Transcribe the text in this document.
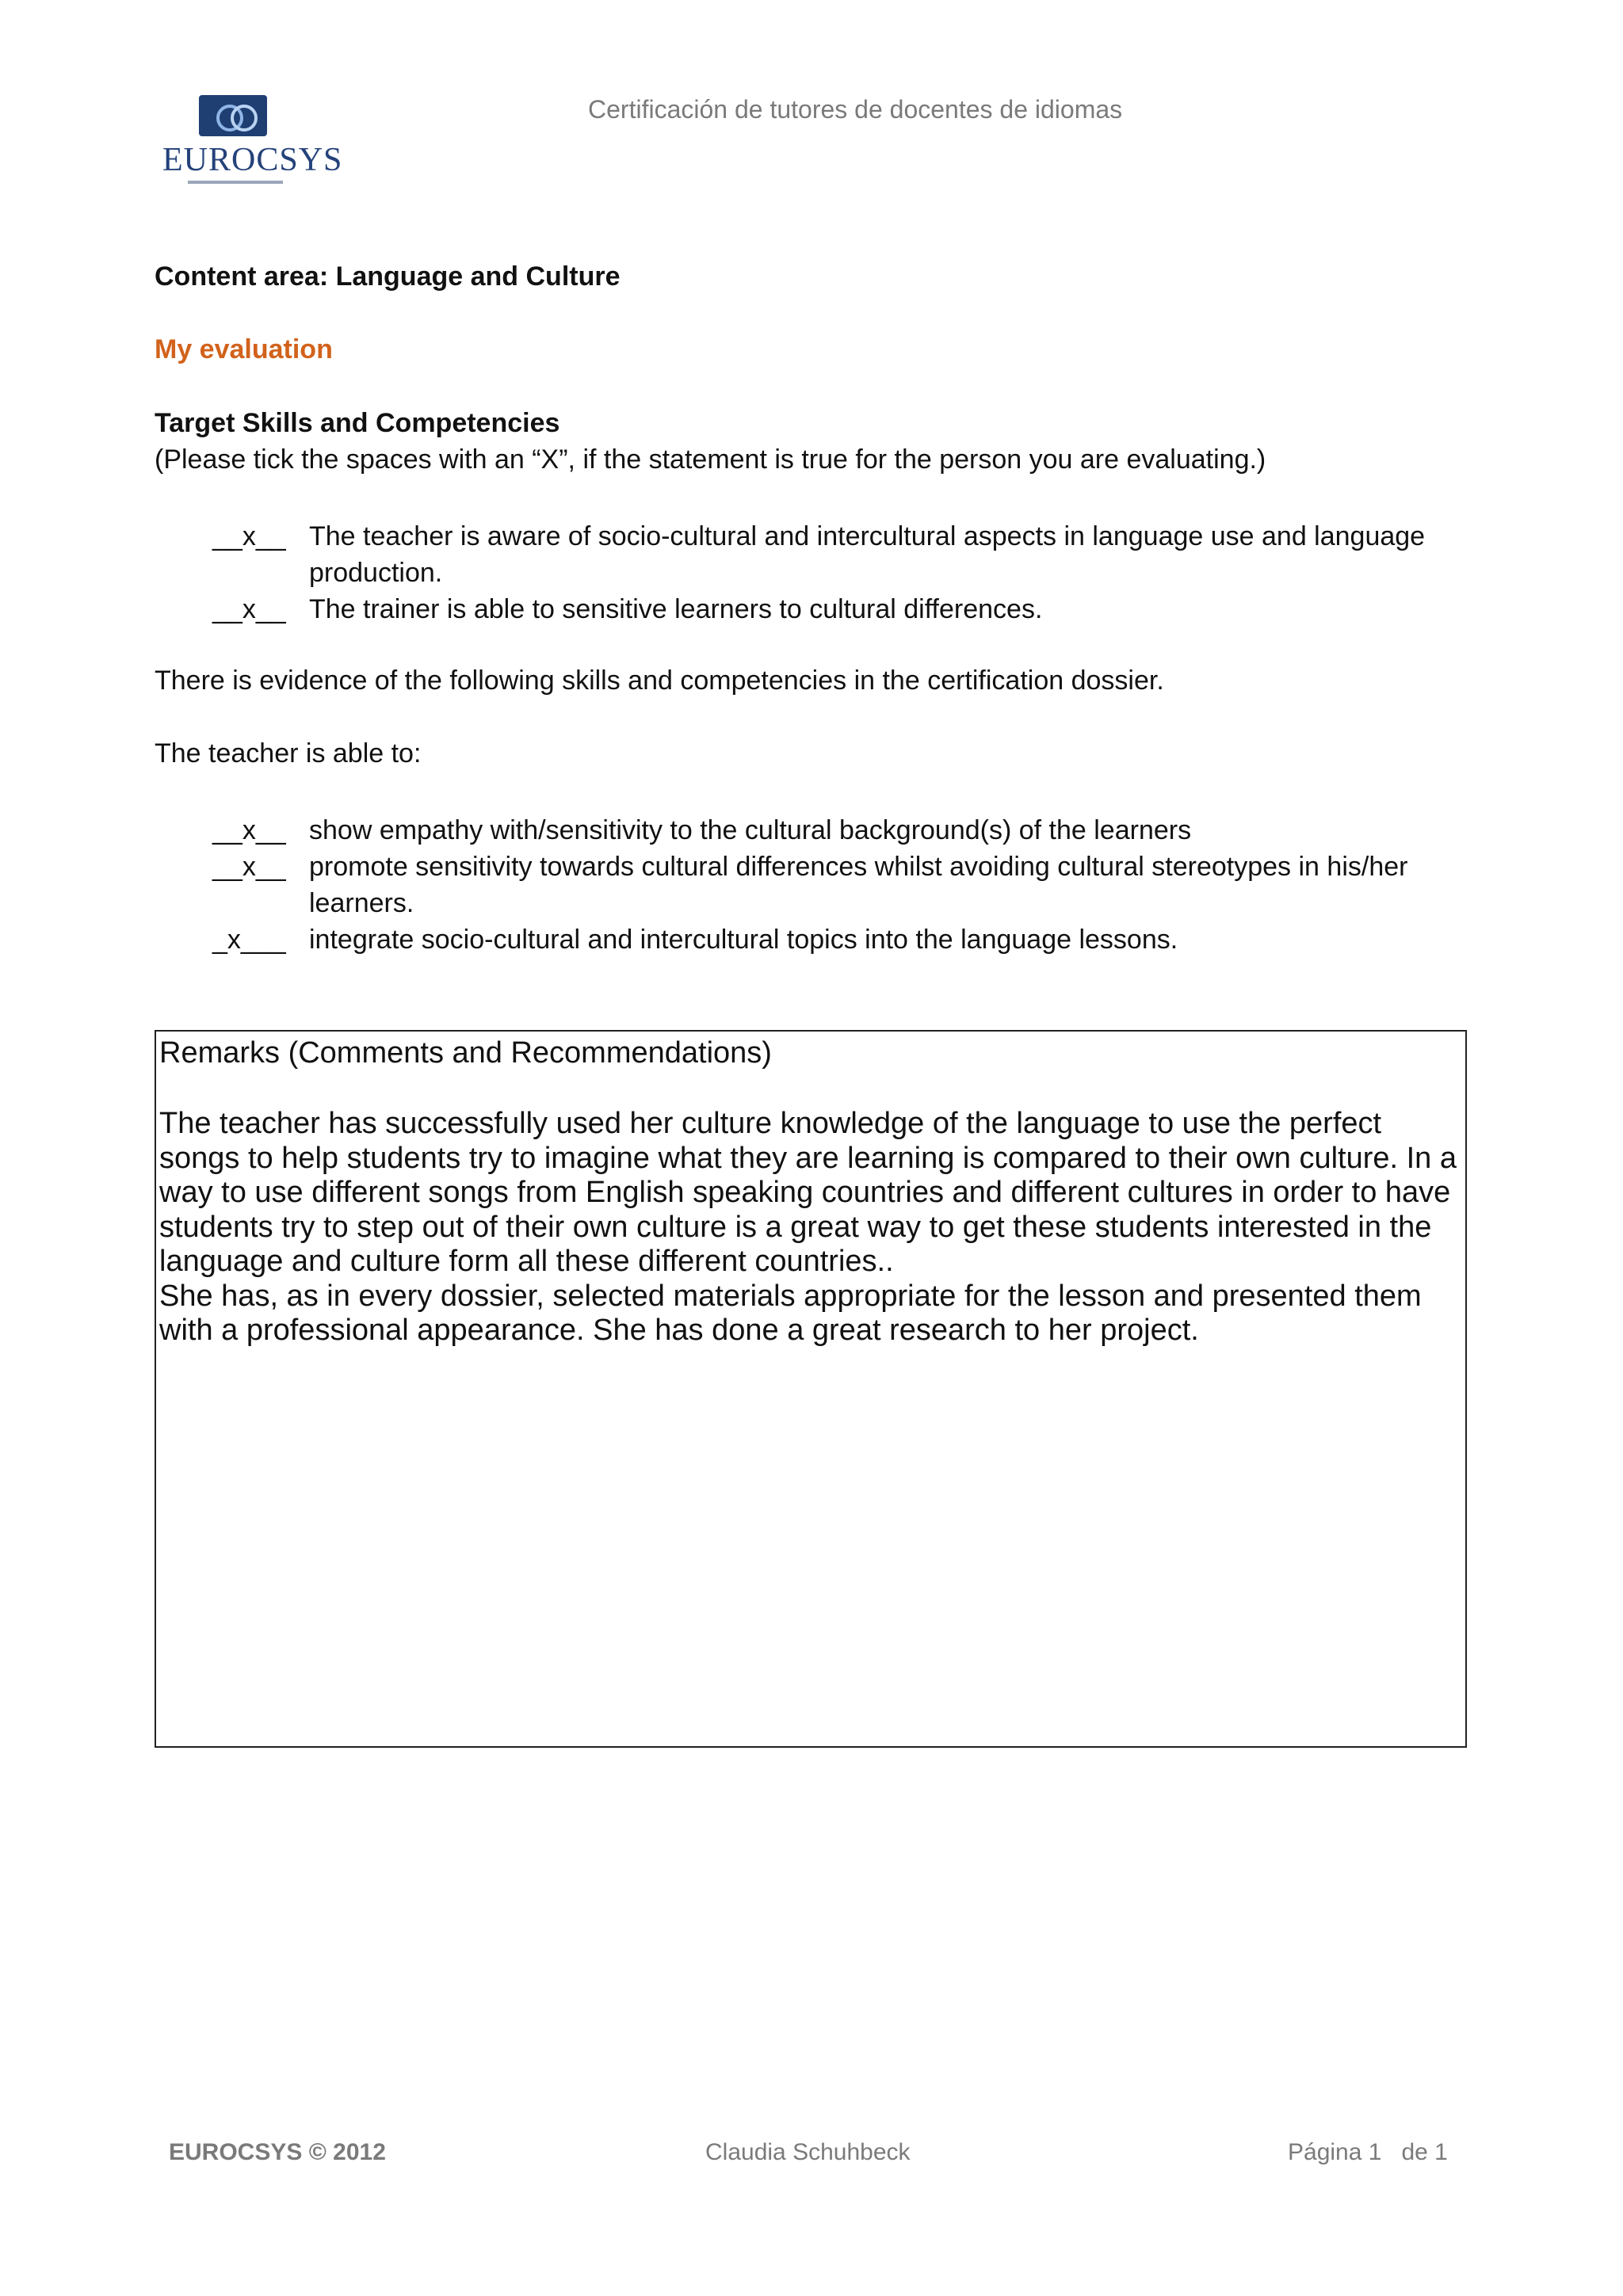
EUROCSYS
Certificación de tutores de docentes de idiomas
Content area: Language and Culture
My evaluation
Target Skills and Competencies
(Please tick the spaces with an “X”, if the statement is true for the person you are evaluating.)
__x__ The teacher is aware of socio-cultural and intercultural aspects in language use and language production.
__x__ The trainer is able to sensitive learners to cultural differences.
There is evidence of the following skills and competencies in the certification dossier.
The teacher is able to:
__x__ show empathy with/sensitivity to the cultural background(s) of the learners
__x__ promote sensitivity towards cultural differences whilst avoiding cultural stereotypes in his/her learners.
_x___ integrate socio-cultural and intercultural topics into the language lessons.
Remarks (Comments and Recommendations)

The teacher has successfully used her culture knowledge of the language to use the perfect songs to help students try to imagine what they are learning is compared to their own culture. In a way to use different songs from English speaking countries and different cultures in order to have students try to step out of their own culture is a great way to get these students interested in the language and culture form all these different countries..

She has, as in every dossier, selected materials appropriate for the lesson and presented them with a professional appearance. She has done a great research to her project.

EUROCSYS © 2012	Claudia Schuhbeck	Página 1   de 1
